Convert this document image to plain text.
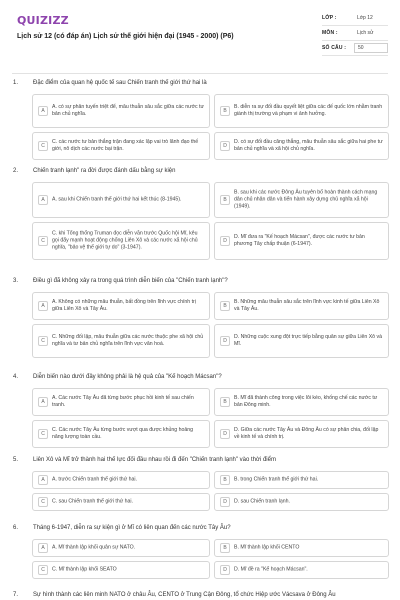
QUIZIZZ
Lịch sử 12 (có đáp án) Lịch sử thế giới hiện đại (1945 - 2000) (P6)
LỚP :	Lớp 12
MÔN :	Lịch sử
SỐ CÂU :	50
1. Đặc điểm của quan hệ quốc tế sau Chiến tranh thế giới thứ hai là
A
A. có sự phân tuyến triệt để, mâu thuẫn sâu sắc giữa các nước tư bản chủ nghĩa.	B
B. diễn ra sự đối đầu quyết liệt giữa các đế quốc lớn nhằm tranh giành thị trường và phạm vi ảnh hưởng.
C
C. các nước tư bản thắng trận đang xác lập vai trò lãnh đạo thế giới, nô dịch các nước bại trận.	D
D. có sự đối đầu căng thẳng, mâu thuẫn sâu sắc giữa hai phe tư bản chủ nghĩa và xã hội chủ nghĩa.
2. Chiến tranh lạnh" ra đời được đánh dấu bằng sự kiện
A	A. sau khi Chiến tranh thế giới thứ hai kết thúc (8-1945).	B
B. sau khi các nước Đông Âu tuyên bố hoàn thành cách mạng dân chủ nhân dân và tiến hành xây dựng chủ nghĩa xã hội (1949).
C
C. khi Tổng thống Truman đọc diễn văn trước Quốc hội Mĩ, kêu gọi đẩy mạnh hoạt động chống Liên Xô và các nước xã hội chủ nghĩa, "bảo vệ thế giới tự do" (3-1947).
D
D. Mĩ đưa ra "Kế hoạch Mácsan", được các nước tư bản phương Tây chấp thuận (6-1947).
3. Điều gì đã không xảy ra trong quá trình diễn biến của "Chiến tranh lạnh"?
A
A. Không có những mâu thuẫn, bất đồng trên lĩnh vực chính trị giữa Liên Xô và Tây Âu.	B
B. Những mâu thuẫn sâu sắc trên lĩnh vực kinh tế giữa Liên Xô và Tây Âu.
C
C. Những đối lập, mâu thuẫn giữa các nước thuộc phe xã hội chủ nghĩa và tư bản chủ nghĩa trên lĩnh vực văn hoá.	D
D. Những cuộc xung đột trực tiếp bằng quân sự giữa Liên Xô và Mĩ.
4. Diễn biến nào dưới đây không phải là hệ quả của "Kế hoạch Mácsan"?
A
A. Các nước Tây Âu đã từng bước phục hồi kinh tế sau chiến tranh.	B
B. Mĩ đã thành công trong việc lôi kéo, khống chế các nước tư bản Đông minh.
C
C. Các nước Tây Âu từng bước vượt qua được khủng hoảng năng lượng toàn cầu.	D
D. Giữa các nước Tây Âu và Đông Âu có sự phân chia, đối lập về kinh tế và chính trị.
5. Liên Xô và Mĩ trở thành hai thế lực đối đầu nhau rồi đi đến "Chiến tranh lạnh" vào thời điểm
A	A. trước Chiến tranh thế giới thứ hai.	B	B. trong Chiến tranh thế giới thứ hai.
C	C. sau Chiến tranh thế giới thứ hai.	D	D. sau Chiến tranh lạnh.
6. Tháng 6-1947, diễn ra sự kiện gì ở Mĩ có liên quan đến các nước Tây Âu?
A	A. Mĩ thành lập khối quân sự NATO.	B	B. Mĩ thành lập khối CENTO
C	C. Mĩ thành lập khối SEATO	D	D. Mĩ đề ra "Kế hoạch Mácsan".
7. Sự hình thành các liên minh NATO ở châu Âu, CENTO ở Trung Cận Đông, tổ chức Hiệp ước Vácsava ở Đông Âu
